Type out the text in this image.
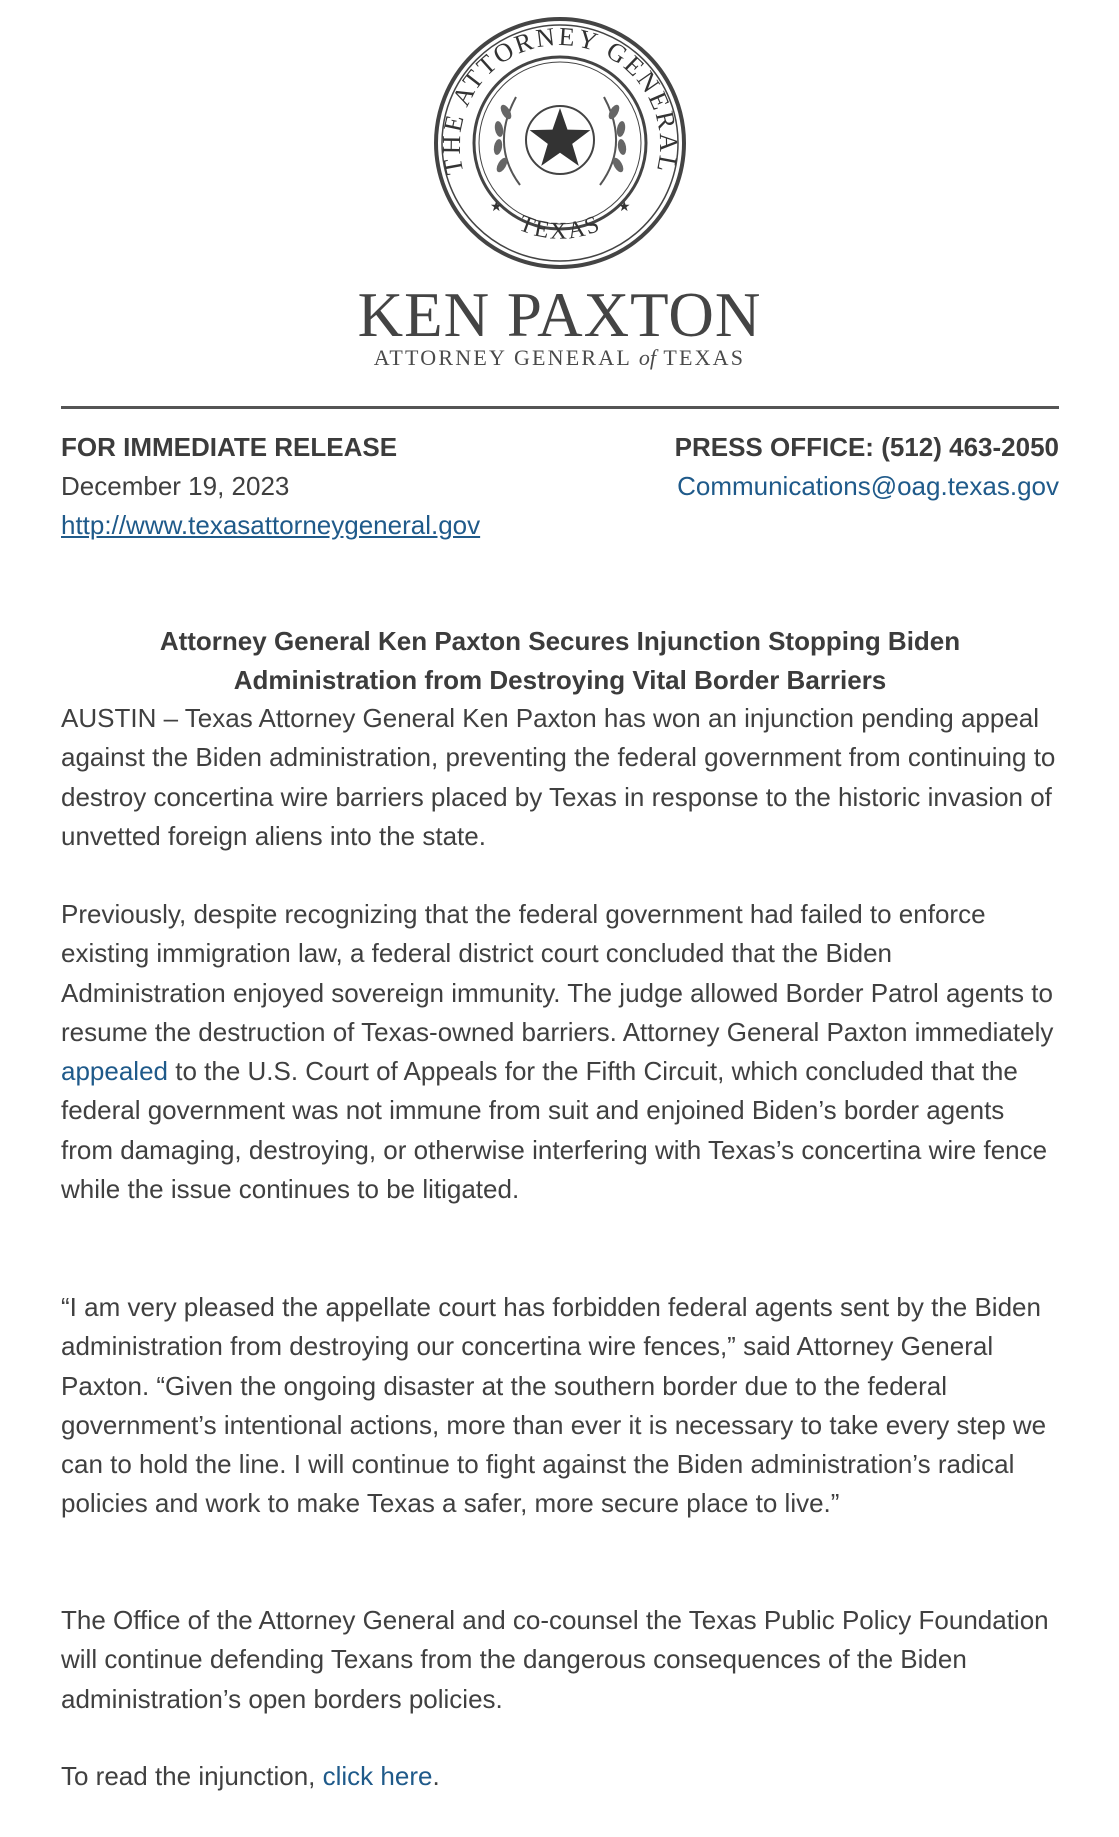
THE ATTORNEY GENERAL
TEXAS
★	★
KEN PAXTON
ATTORNEY GENERAL of TEXAS
FOR IMMEDIATE RELEASE
December 19, 2023
http://www.texasattorneygeneral.gov
PRESS OFFICE: (512) 463-2050
Communications@oag.texas.gov
Attorney General Ken Paxton Secures Injunction Stopping Biden
Administration from Destroying Vital Border Barriers

AUSTIN – Texas Attorney General Ken Paxton has won an injunction pending appeal against the Biden administration, preventing the federal government from continuing to destroy concertina wire barriers placed by Texas in response to the historic invasion of unvetted foreign aliens into the state.

Previously, despite recognizing that the federal government had failed to enforce existing immigration law, a federal district court concluded that the Biden Administration enjoyed sovereign immunity. The judge allowed Border Patrol agents to resume the destruction of Texas-owned barriers. Attorney General Paxton immediately appealed to the U.S. Court of Appeals for the Fifth Circuit, which concluded that the federal government was not immune from suit and enjoined Biden’s border agents from damaging, destroying, or otherwise interfering with Texas’s concertina wire fence while the issue continues to be litigated.

“I am very pleased the appellate court has forbidden federal agents sent by the Biden administration from destroying our concertina wire fences,” said Attorney General Paxton. “Given the ongoing disaster at the southern border due to the federal government’s intentional actions, more than ever it is necessary to take every step we can to hold the line. I will continue to fight against the Biden administration’s radical policies and work to make Texas a safer, more secure place to live.”

The Office of the Attorney General and co-counsel the Texas Public Policy Foundation will continue defending Texans from the dangerous consequences of the Biden administration’s open borders policies.

To read the injunction, click here.
